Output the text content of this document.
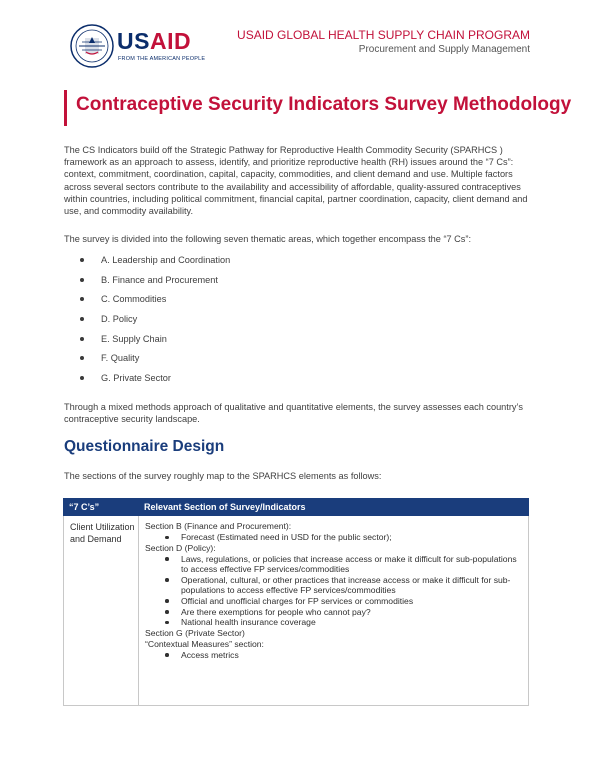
USAID
FROM THE AMERICAN PEOPLE
USAID GLOBAL HEALTH SUPPLY CHAIN PROGRAM
Procurement and Supply Management
Contraceptive Security Indicators Survey Methodology

The CS Indicators build off the Strategic Pathway for Reproductive Health Commodity Security (SPARHCS ) framework as an approach to assess, identify, and prioritize reproductive health (RH) issues around the “7 Cs”: context, commitment, coordination, capital, capacity, commodities, and client demand and use. Multiple factors across several sectors contribute to the availability and accessibility of affordable, quality-assured contraceptives within countries, including political commitment, financial capital, partner coordination, capacity, client demand and use, and commodity availability.

The survey is divided into the following seven thematic areas, which together encompass the “7 Cs”:

A. Leadership and Coordination
B. Finance and Procurement
C. Commodities
D. Policy
E. Supply Chain
F. Quality
G. Private Sector

Through a mixed methods approach of qualitative and quantitative elements, the survey assesses each country’s contraceptive security landscape.

Questionnaire Design

The sections of the survey roughly map to the SPARHCS elements as follows:

“7 C’s”	Relevant Section of Survey/Indicators
Client Utilization and Demand
Section B (Finance and Procurement):
Forecast (Estimated need in USD for the public sector);
Section D (Policy):
Laws, regulations, or policies that increase access or make it difficult for sub-populations to access effective FP services/commodities
Operational, cultural, or other practices that increase access or make it difficult for sub-populations to access effective FP services/commodities
Official and unofficial charges for FP services or commodities
Are there exemptions for people who cannot pay?
National health insurance coverage
Section G (Private Sector)
“Contextual Measures” section:
Access metrics
